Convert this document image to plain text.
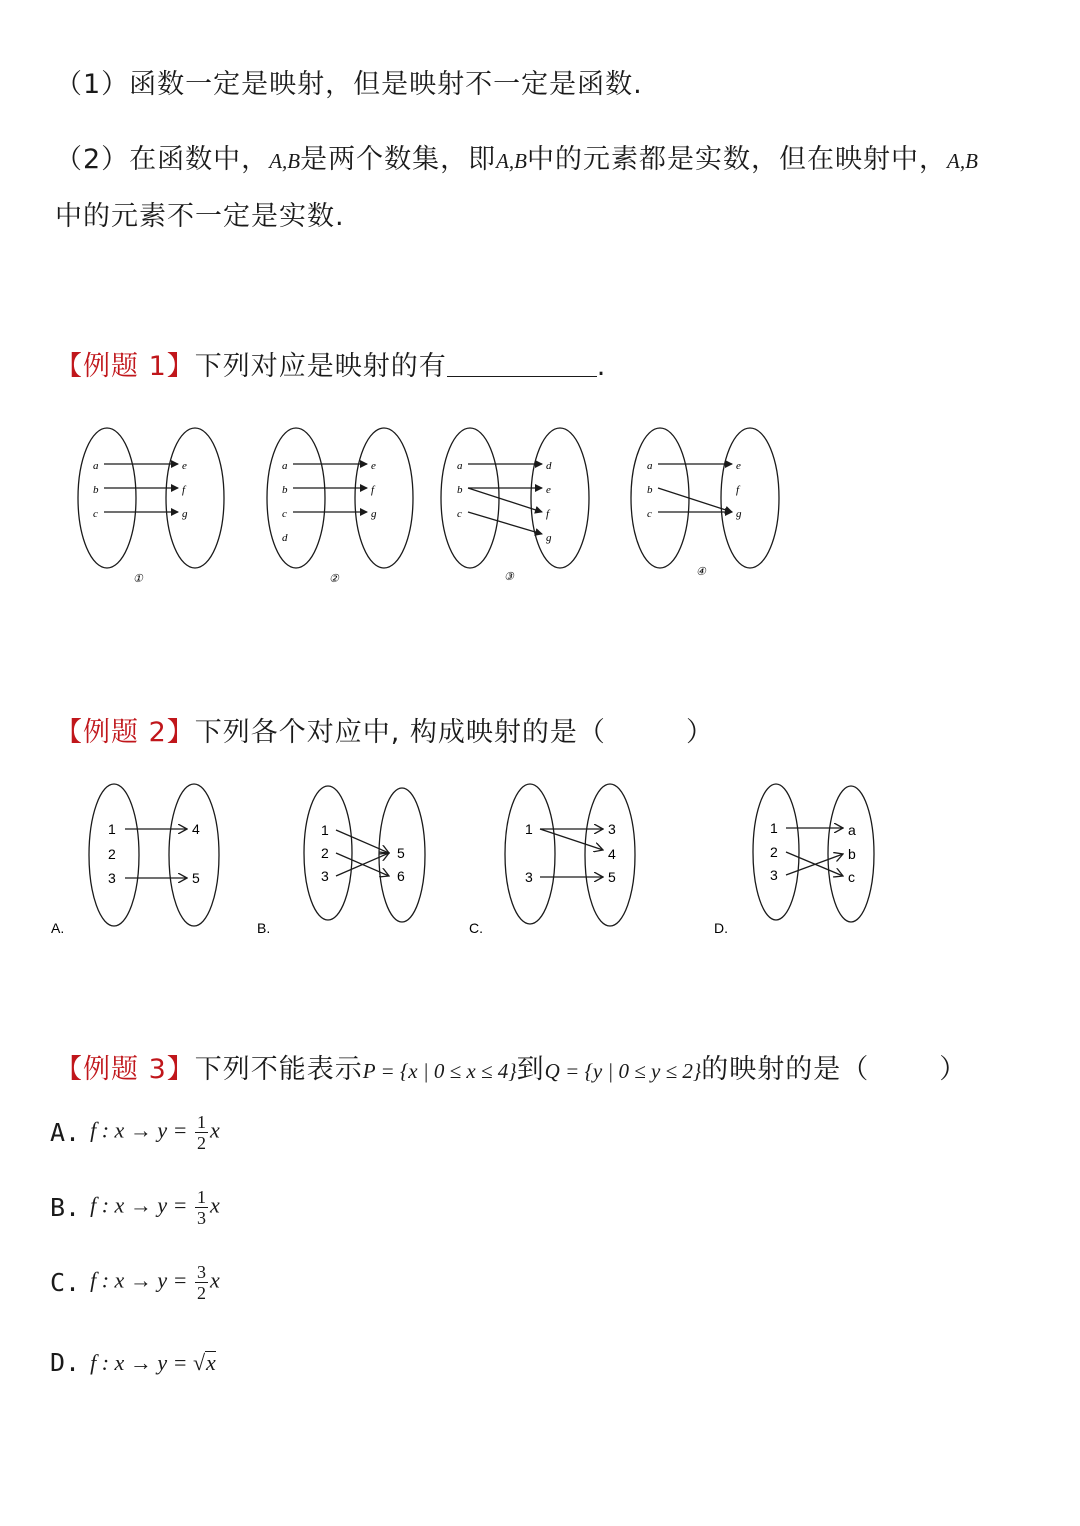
（1）函数一定是映射，但是映射不一定是函数.
（2）在函数中，A,B是两个数集，即A,B中的元素都是实数，但在映射中，A,B
中的元素不一定是实数.
【例题 1】下列对应是映射的有	.
a
b
c
e
f
g
①
a
b
c
d
e
f
g
②
a
b
c
d
e
f
g
③
a
b
c
e
f
g
④
【例题 2】下列各个对应中, 构成映射的是（	）
A.
1
2
3
4
5
B.
1
2
3
5
6
C.
1
3
3
4
5
D.
1
2
3
a
b
c
【例题 3】下列不能表示P = {x | 0 ≤ x ≤ 4}到Q = {y | 0 ≤ y ≤ 2}的映射的是（	）
A. f : $x \to y = \frac{1}{2}$ x
B. f : $x \to y = \frac{1}{3}$ x
C. f : $x \to y = \frac{3}{2}$ x
D. f : x → y = √x
